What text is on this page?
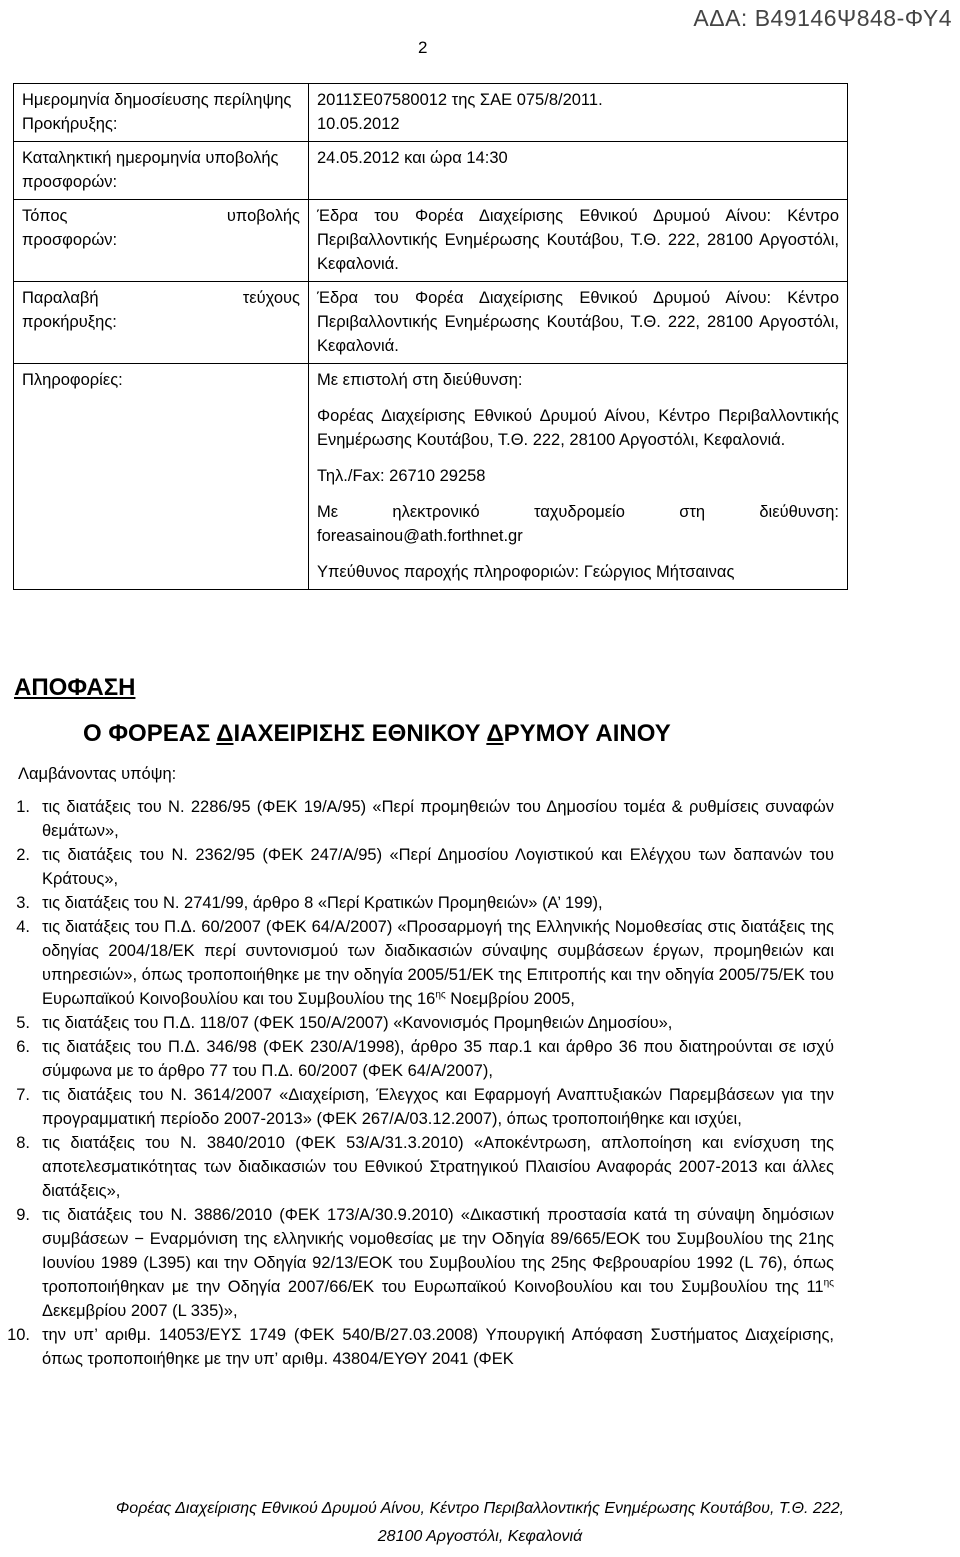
ΑΔΑ: Β49146Ψ848-ΦΥ4
2
Ημερομηνία δημοσίευσης περίληψης Προκήρυξης:	2011ΣΕ07580012 της ΣΑΕ 075/8/2011.

10.05.2012

Καταληκτική ημερομηνία υποβολής προσφορών:	24.05.2012 και ώρα 14:30

Τόπος υποβολής
προσφορών:	Έδρα του Φορέα Διαχείρισης Εθνικού Δρυμού Αίνου: Κέντρο Περιβαλλοντικής Ενημέρωσης Κουτάβου, Τ.Θ. 222, 28100 Αργοστόλι, Κεφαλονιά.

Παραλαβή τεύχους
προκήρυξης:	Έδρα του Φορέα Διαχείρισης Εθνικού Δρυμού Αίνου: Κέντρο Περιβαλλοντικής Ενημέρωσης Κουτάβου, Τ.Θ. 222, 28100 Αργοστόλι, Κεφαλονιά.

Πληροφορίες:	Με επιστολή στη διεύθυνση:

Φορέας Διαχείρισης Εθνικού Δρυμού Αίνου, Κέντρο Περιβαλλοντικής Ενημέρωσης Κουτάβου, Τ.Θ. 222, 28100 Αργοστόλι, Κεφαλονιά.

Τηλ./Fax: 26710 29258

Με ηλεκτρονικό ταχυδρομείο στη διεύθυνση: foreasainou@ath.forthnet.gr

Υπεύθυνος παροχής πληροφοριών: Γεώργιος Μήτσαινας

ΑΠΟΦΑΣΗ
Ο ΦΟΡΕΑΣ ΔΙΑΧΕΙΡΙΣΗΣ ΕΘΝΙΚΟΥ ΔΡΥΜΟΥ ΑΙΝΟΥ
Λαμβάνοντας υπόψη:
1. τις διατάξεις του Ν. 2286/95 (ΦΕΚ 19/Α/95) «Περί προμηθειών του Δημοσίου τομέα & ρυθμίσεις συναφών θεμάτων»,
2. τις διατάξεις του Ν. 2362/95 (ΦΕΚ 247/Α/95) «Περί Δημοσίου Λογιστικού και Ελέγχου των δαπανών του Κράτους»,
3. τις διατάξεις του Ν. 2741/99, άρθρο 8 «Περί Κρατικών Προμηθειών» (Α’ 199),
4. τις διατάξεις του Π.Δ. 60/2007 (ΦΕΚ 64/Α/2007) «Προσαρμογή της Ελληνικής Νομοθεσίας στις διατάξεις της οδηγίας 2004/18/ΕΚ περί συντονισμού των διαδικασιών σύναψης συμβάσεων έργων, προμηθειών και υπηρεσιών», όπως τροποποιήθηκε με την οδηγία 2005/51/ΕΚ της Επιτροπής και την οδηγία 2005/75/ΕΚ του Ευρωπαϊκού Κοινοβουλίου και του Συμβουλίου της $16^{\eta\varsigma}$ Νοεμβρίου 2005,
5. τις διατάξεις του Π.Δ. 118/07 (ΦΕΚ 150/Α/2007) «Κανονισμός Προμηθειών Δημοσίου»,
6. τις διατάξεις του Π.Δ. 346/98 (ΦΕΚ 230/Α/1998), άρθρο 35 παρ.1 και άρθρο 36 που διατηρούνται σε ισχύ σύμφωνα με το άρθρο 77 του Π.Δ. 60/2007 (ΦΕΚ 64/Α/2007),
7. τις διατάξεις του Ν. 3614/2007 «Διαχείριση, Έλεγχος και Εφαρμογή Αναπτυξιακών Παρεμβάσεων για την προγραμματική περίοδο 2007-2013» (ΦΕΚ 267/Α/03.12.2007), όπως τροποποιήθηκε και ισχύει,
8. τις διατάξεις του Ν. 3840/2010 (ΦΕΚ 53/Α/31.3.2010) «Αποκέντρωση, απλοποίηση και ενίσχυση της αποτελεσματικότητας των διαδικασιών του Εθνικού Στρατηγικού Πλαισίου Αναφοράς 2007-2013 και άλλες διατάξεις»,
9. τις διατάξεις του Ν. 3886/2010 (ΦΕΚ 173/Α/30.9.2010) «Δικαστική προστασία κατά τη σύναψη δημόσιων συμβάσεων − Εναρμόνιση της ελληνικής νομοθεσίας με την Οδηγία 89/665/ΕΟΚ του Συμβουλίου της 21ης Ιουνίου 1989 (L395) και την Οδηγία 92/13/ΕΟΚ του Συμβουλίου της 25ης Φεβρουαρίου 1992 (L 76), όπως τροποποιήθηκαν με την Οδηγία 2007/66/ΕΚ του Ευρωπαϊκού Κοινοβουλίου και του Συμβουλίου της $11^{\eta\varsigma}$ Δεκεμβρίου 2007 (L 335)»,
10. την υπ’ αριθμ. 14053/ΕΥΣ 1749 (ΦΕΚ 540/Β/27.03.2008) Υπουργική Απόφαση Συστήματος Διαχείρισης, όπως τροποποιήθηκε με την υπ’ αριθμ. 43804/ΕΥΘΥ 2041 (ΦΕΚ
Φορέας Διαχείρισης Εθνικού Δρυμού Αίνου, Κέντρο Περιβαλλοντικής Ενημέρωσης Κουτάβου, Τ.Θ. 222,
28100 Αργοστόλι, Κεφαλονιά
